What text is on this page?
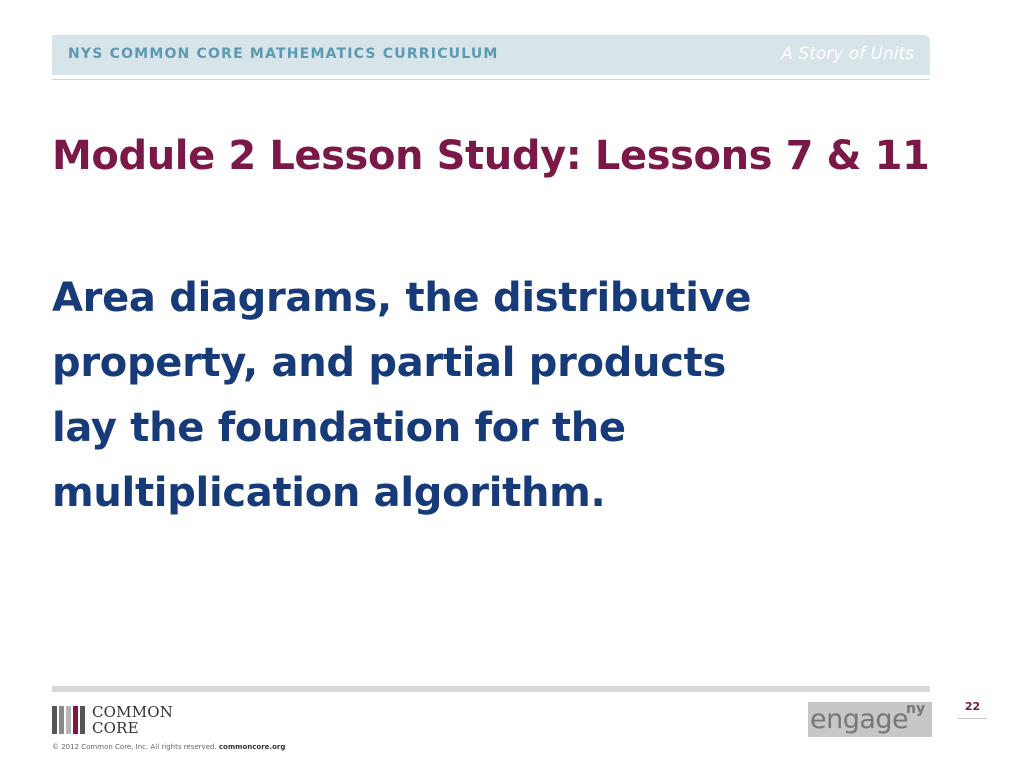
NYS COMMON CORE MATHEMATICS CURRICULUM	A Story of Units
Module 2 Lesson Study: Lessons 7 & 11
Area diagrams, the distributive
property, and partial products
lay the foundation for the
multiplication algorithm.
COMMON
CORE
© 2012 Common Core, Inc. All rights reserved. commoncore.org
engage
ny	22
